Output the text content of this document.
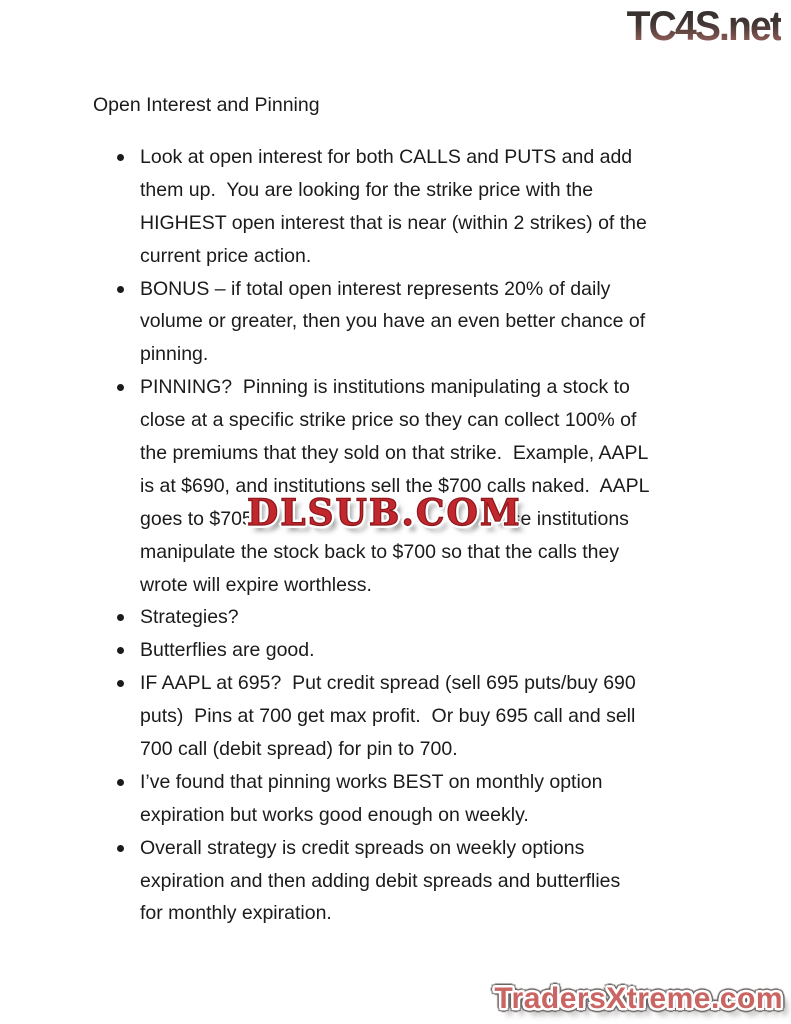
TC4S.net
Open Interest and Pinning
Look at open interest for both CALLS and PUTS and add
them up.  You are looking for the strike price with the
HIGHEST open interest that is near (within 2 strikes) of the
current price action.
BONUS – if total open interest represents 20% of daily
volume or greater, then you have an even better chance of
pinning.
PINNING?  Pinning is institutions manipulating a stock to
close at a specific strike price so they can collect 100% of
the premiums that they sold on that strike.  Example, AAPL
is at $690, and institutions sell the $700 calls naked.  AAPL
goes to $705	se institutions
manipulate the stock back to $700 so that the calls they
wrote will expire worthless.
Strategies?
Butterflies are good.
IF AAPL at 695?  Put credit spread (sell 695 puts/buy 690
puts)  Pins at 700 get max profit.  Or buy 695 call and sell
700 call (debit spread) for pin to 700.
I’ve found that pinning works BEST on monthly option
expiration but works good enough on weekly.
Overall strategy is credit spreads on weekly options
expiration and then adding debit spreads and butterflies
for monthly expiration.
DLSUB.COM
TradersXtreme.com
